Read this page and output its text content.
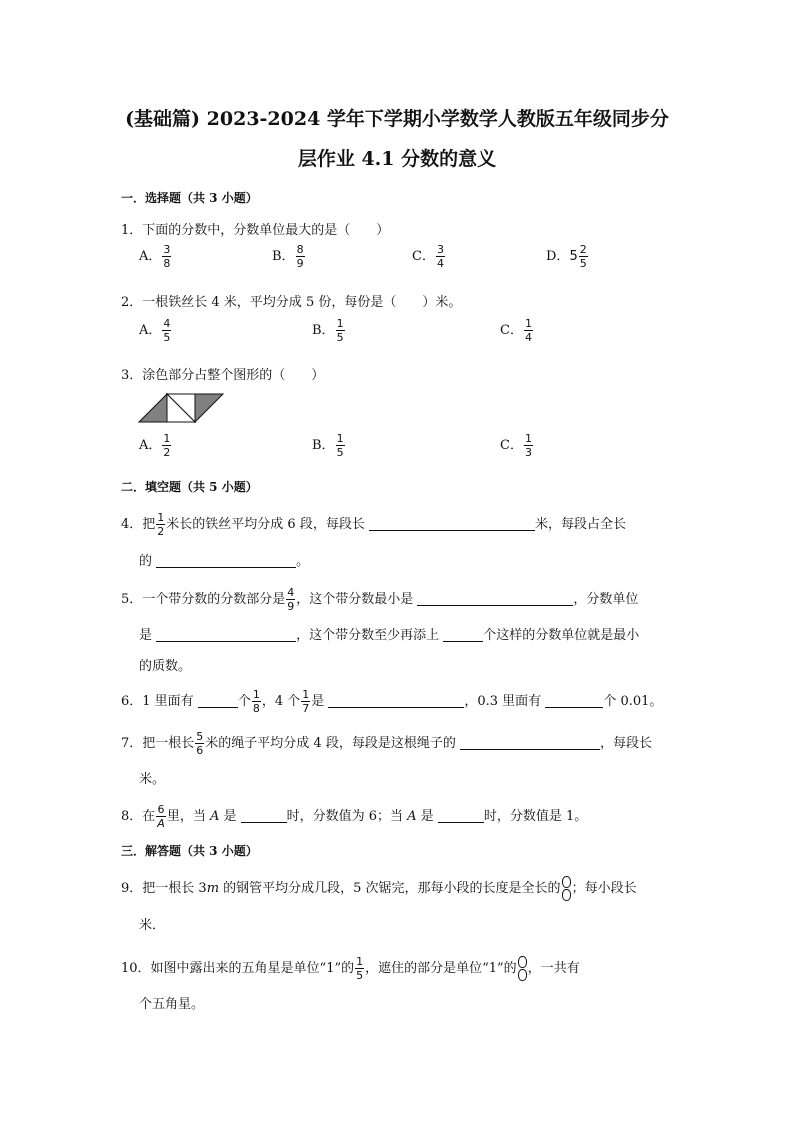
(基础篇) 2023-2024 学年下学期小学数学人教版五年级同步分
层作业 4.1 分数的意义
一．选择题（共 3 小题）
1．下面的分数中，分数单位最大的是（　　）
A． $\frac{3}{8}$	B． $\frac{8}{9}$	C． $\frac{3}{4}$	D．$5 \frac{2}{5}$
2．一根铁丝长 4 米，平均分成 5 份，每份是（　　）米。
A． $\frac{4}{5}$	B． $\frac{1}{5}$	C． $\frac{1}{4}$
3．涂色部分占整个图形的（　　）
A． $\frac{1}{2}$	B． $\frac{1}{5}$	C． $\frac{1}{3}$
二．填空题（共 5 小题）
4．把 $\frac{1}{2}$ 米长的铁丝平均分成 6 段，每段长	米，每段占全长
的	。
5．一个带分数的分数部分是 $\frac{4}{9}$ ，这个带分数最小是	，分数单位
是	，这个带分数至少再添上	个这样的分数单位就是最小
的质数。
6．1 里面有	个 $\frac{1}{8}$ ，4 个 $\frac{1}{7}$ 是	，0.3 里面有	个 0.01。
7．把一根长 $\frac{5}{6}$ 米的绳子平均分成 4 段，每段是这根绳子的	，每段长
米。
8．在 $\frac{6}{A}$ 里，当 A 是	时，分数值为 6；当 A 是	时，分数值是 1。
三．解答题（共 3 小题）
9．把一根长 3m 的钢管平均分成几段，5 次锯完，那每小段的长度是全长的 ；每小段长
米．
10．如图中露出来的五角星是单位“1”的 $\frac{1}{5}$ ，遮住的部分是单位“1”的 ，一共有
个五角星。
